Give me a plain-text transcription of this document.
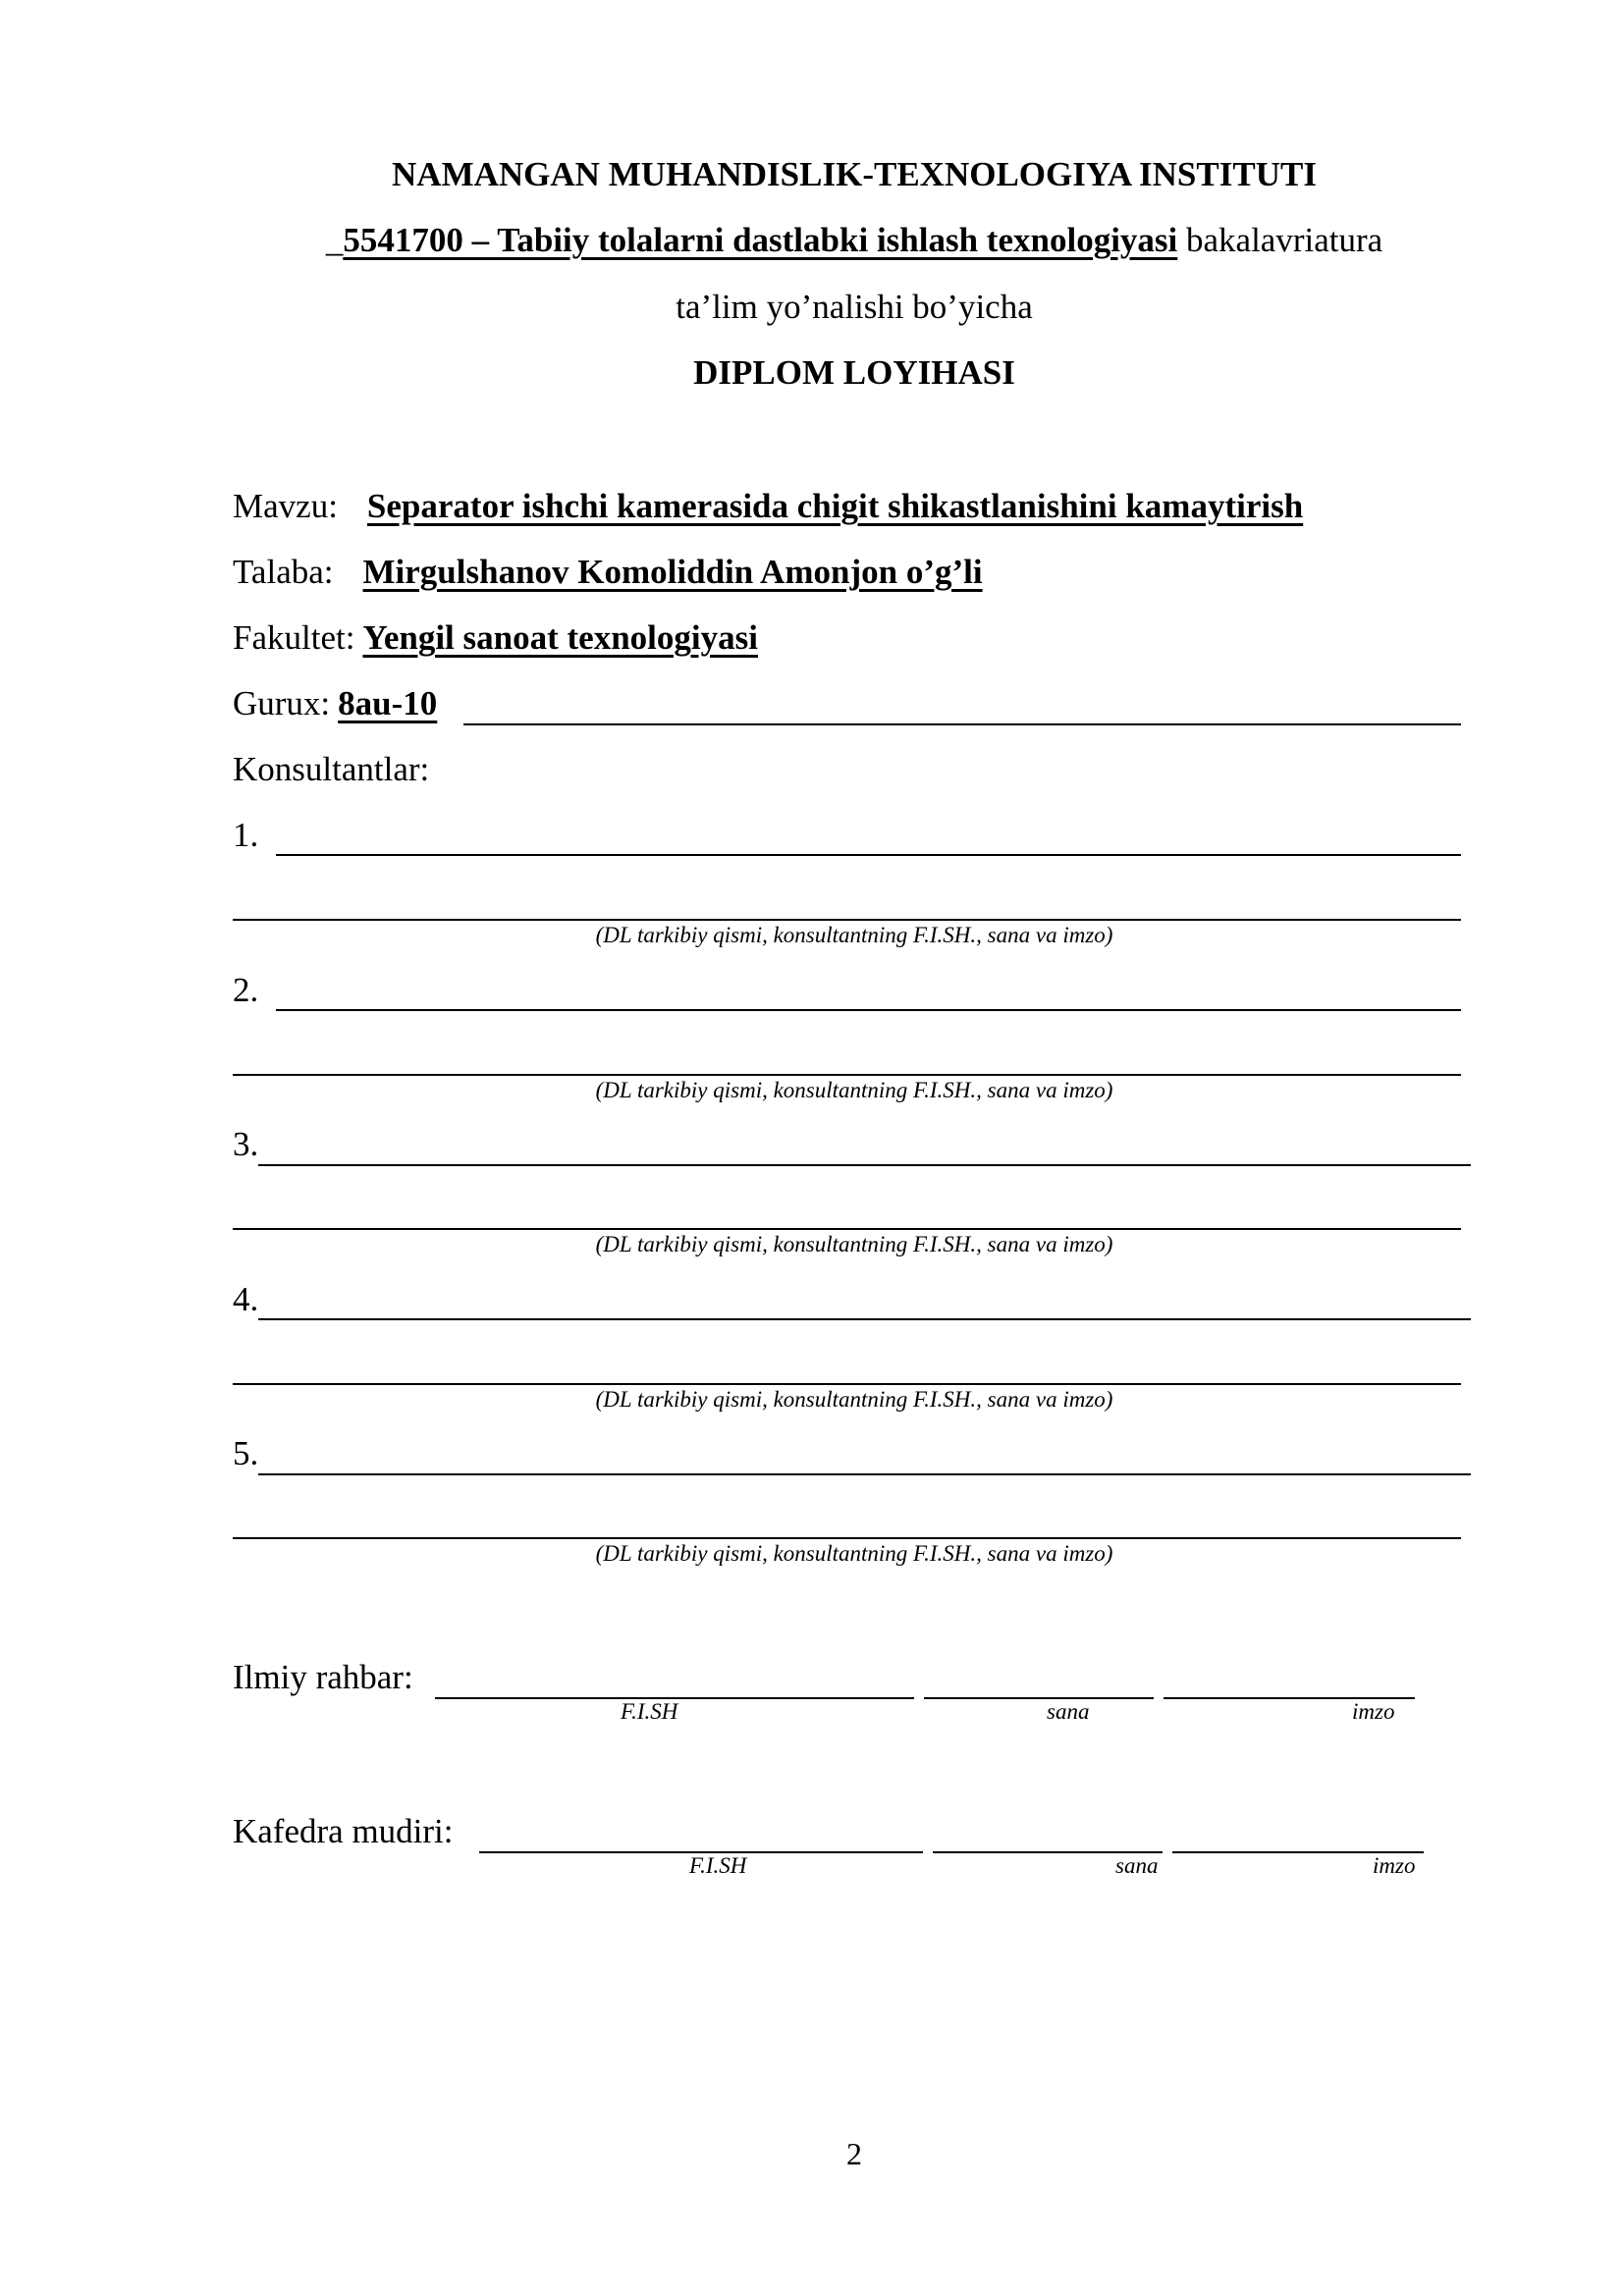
NAMANGAN MUHANDISLIK-TEXNOLOGIYA INSTITUTI
_5541700 – Tabiiy tolalarni dastlabki ishlash texnologiyasi bakalavriatura
ta’lim yo’nalishi bo’yicha
DIPLOM LOYIHASI
Mavzu: Separator ishchi kamerasida chigit shikastlanishini kamaytirish
Talaba: Mirgulshanov Komoliddin Amonjon o’g’li
Fakultet: Yengil sanoat texnologiyasi
Gurux: 8au-10
Konsultantlar:
1.
(DL tarkibiy qismi, konsultantning F.I.SH., sana va imzo)
2.
(DL tarkibiy qismi, konsultantning F.I.SH., sana va imzo)
3.
(DL tarkibiy qismi, konsultantning F.I.SH., sana va imzo)
4.
(DL tarkibiy qismi, konsultantning F.I.SH., sana va imzo)
5.
(DL tarkibiy qismi, konsultantning F.I.SH., sana va imzo)
Ilmiy rahbar:
F.I.SH	sana	imzo
Kafedra mudiri:
F.I.SH	sana	imzo
2
